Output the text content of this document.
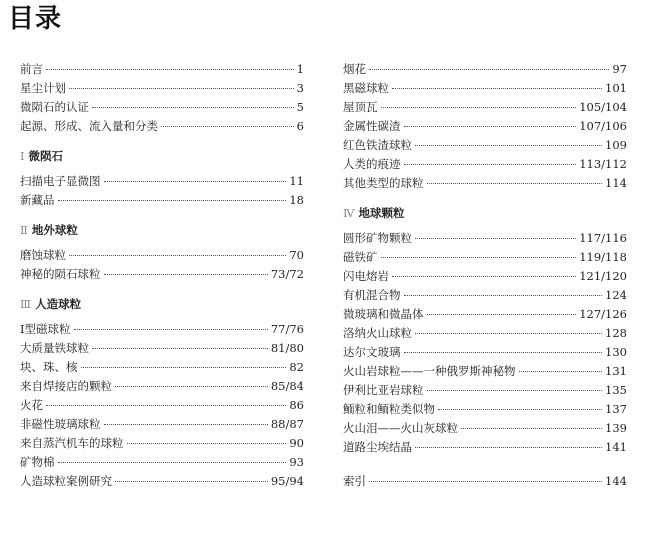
目录
前言	1
星尘计划	3
微陨石的认证	5
起源、形成、流入量和分类	6
Ⅰ 微陨石
扫描电子显微图	11
新藏品	18
Ⅱ 地外球粒
磨蚀球粒	70
神秘的陨石球粒	73/72
Ⅲ 人造球粒
Ⅰ型磁球粒	77/76
大质量铁球粒	81/80
块、珠、核	82
来自焊接店的颗粒	85/84
火花	86
非磁性玻璃球粒	88/87
来自蒸汽机车的球粒	90
矿物棉	93
人造球粒案例研究	95/94
烟花	97
黑磁球粒	101
屋顶瓦	105/104
金属性碳渣	107/106
红色铁渣球粒	109
人类的痕迹	113/112
其他类型的球粒	114
Ⅳ 地球颗粒
圆形矿物颗粒	117/116
磁铁矿	119/118
闪电熔岩	121/120
有机混合物	124
微玻璃和微晶体	127/126
洛纳火山球粒	128
达尔文玻璃	130
火山岩球粒——一种俄罗斯神秘物	131
伊利比亚岩球粒	135
鲕粒和鲕粒类似物	137
火山泪——火山灰球粒	139
道路尘埃结晶	141
索引	144
